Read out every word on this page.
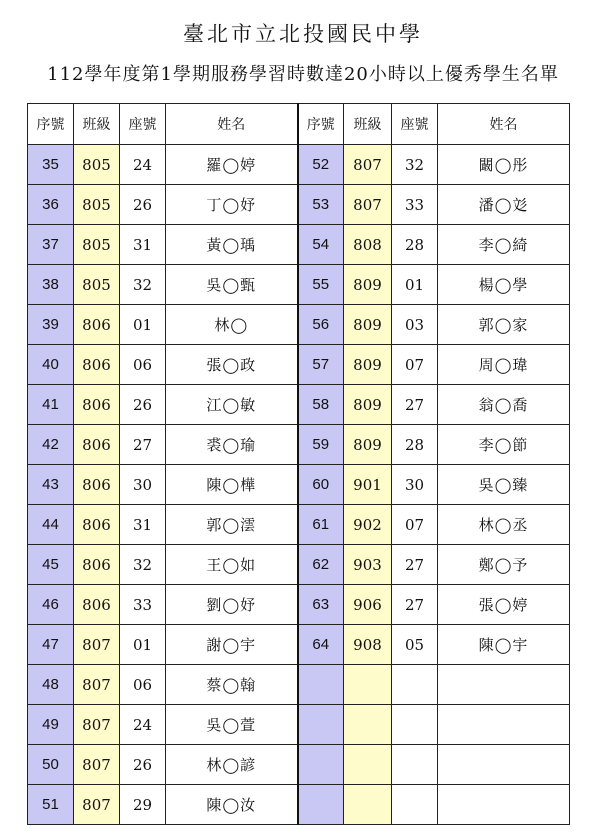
臺北市立北投國民中學
112學年度第1學期服務學習時數達20小時以上優秀學生名單
序號	班級	座號	姓名	序號	班級	座號	姓名
35	805	24	羅◯婷	52	807	32	闞◯彤
36	805	26	丁◯妤	53	807	33	潘◯彣
37	805	31	黃◯瑀	54	808	28	李◯綺
38	805	32	吳◯甄	55	809	01	楊◯學
39	806	01	林◯	56	809	03	郭◯家
40	806	06	張◯政	57	809	07	周◯瑋
41	806	26	江◯敏	58	809	27	翁◯喬
42	806	27	裘◯瑜	59	809	28	李◯節
43	806	30	陳◯樺	60	901	30	吳◯臻
44	806	31	郭◯澐	61	902	07	林◯丞
45	806	32	王◯如	62	903	27	鄭◯予
46	806	33	劉◯妤	63	906	27	張◯婷
47	807	01	謝◯宇	64	908	05	陳◯宇
48	807	06	蔡◯翰				
49	807	24	吳◯萱				
50	807	26	林◯諺				
51	807	29	陳◯汝				
